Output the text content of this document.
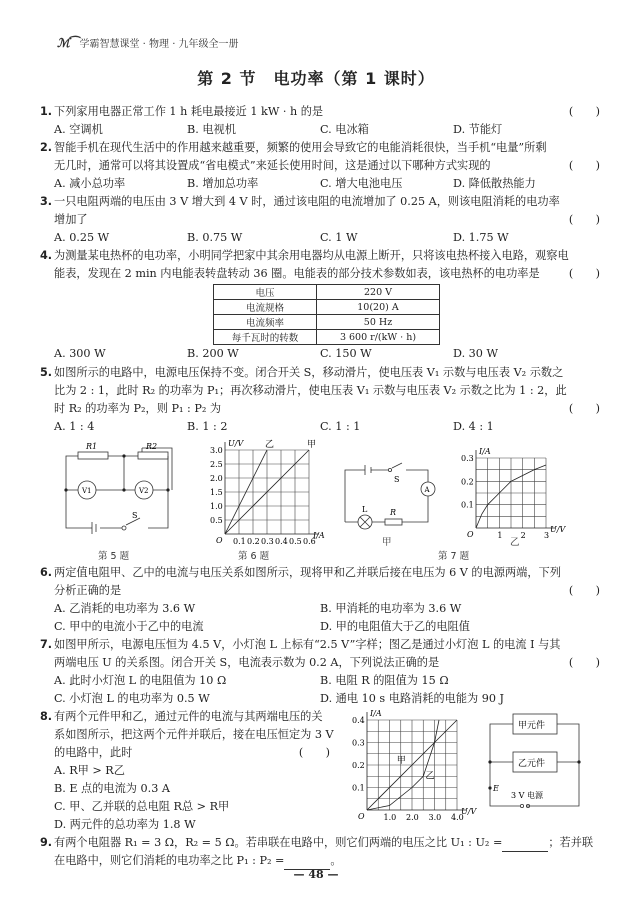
ℳ⁀ 学霸智慧课堂 · 物理 · 九年级全一册
第 2 节　电功率（第 1 课时）
1. 下列家用电器正常工作 1 h 耗电最接近 1 kW · h 的是	(　　)
A. 空调机	B. 电视机	C. 电冰箱	D. 节能灯
2. 智能手机在现代生活中的作用越来越重要，频繁的使用会导致它的电能消耗很快，当手机“电量”所剩
无几时，通常可以将其设置成“省电模式”来延长使用时间，这是通过以下哪种方式实现的	(　　)
A. 减小总功率	B. 增加总功率	C. 增大电池电压	D. 降低散热能力
3. 一只电阻两端的电压由 3 V 增大到 4 V 时，通过该电阻的电流增加了 0.25 A，则该电阻消耗的电功率
增加了	(　　)
A. 0.25 W	B. 0.75 W	C. 1 W	D. 1.75 W
4. 为测量某电热杯的电功率，小明同学把家中其余用电器均从电源上断开，只将该电热杯接入电路，观察电
能表，发现在 2 min 内电能表转盘转动 36 圈。电能表的部分技术参数如表，该电热杯的电功率是	(　　)
电压	220 V
电流规格	10(20) A
电流频率	50 Hz
每千瓦时的转数	3 600 r/(kW · h)
A. 300 W	B. 200 W	C. 150 W	D. 30 W
5. 如图所示的电路中，电源电压保持不变。闭合开关 S，移动滑片，使电压表 V₁ 示数与电压表 V₂ 示数之
比为 2 : 1，此时 R₂ 的功率为 P₁；再次移动滑片，使电压表 V₁ 示数与电压表 V₂ 示数之比为 1 : 2，此
时 R₂ 的功率为 P₂，则 P₁ : P₂ 为	(　　)
A. 1 : 4	B. 1 : 2	C. 1 : 1	D. 4 : 1
R1	R2
V1	V2
S
第 5 题
O
U/V
I/A
0.1 0.2 0.3 0.4 0.5 0.6
0.5
1.0
1.5
2.0
2.5
3.0
乙	甲
第 6 题
S
A
L	R
甲
O
I/A
U/V
1 2 3
0.1
0.2
0.3
乙
第 7 题
6. 两定值电阻甲、乙中的电流与电压关系如图所示，现将甲和乙并联后接在电压为 6 V 的电源两端，下列
分析正确的是	(　　)
A. 乙消耗的电功率为 3.6 W	B. 甲消耗的电功率为 3.6 W
C. 甲中的电流小于乙中的电流	D. 甲的电阻值大于乙的电阻值
7. 如图甲所示，电源电压恒为 4.5 V，小灯泡 L 上标有“2.5 V”字样；图乙是通过小灯泡 L 的电流 I 与其
两端电压 U 的关系图。闭合开关 S，电流表示数为 0.2 A，下列说法正确的是	(　　)
A. 此时小灯泡 L 的电阻值为 10 Ω	B. 电阻 R 的阻值为 15 Ω
C. 小灯泡 L 的电功率为 0.5 W	D. 通电 10 s 电路消耗的电能为 90 J
8. 有两个元件甲和乙，通过元件的电流与其两端电压的关
系如图所示，把这两个元件并联后，接在电压恒定为 3 V
的电路中，此时	(　　)
A. R甲 > R乙
B. E 点的电流为 0.3 A
C. 甲、乙并联的总电阻 R总 > R甲
D. 两元件的总功率为 1.8 W
O
I/A
U/V
1.0 2.0 3.0 4.0
0.1
0.2
0.3
0.4
甲
乙
甲元件
乙元件
E
3 V 电源
9. 有两个电阻器 R₁ = 3 Ω，R₂ = 5 Ω。若串联在电路中，则它们两端的电压之比 U₁ : U₂ =	；若并联
在电路中，则它们消耗的电功率之比 P₁ : P₂ =	。
— 48 —
